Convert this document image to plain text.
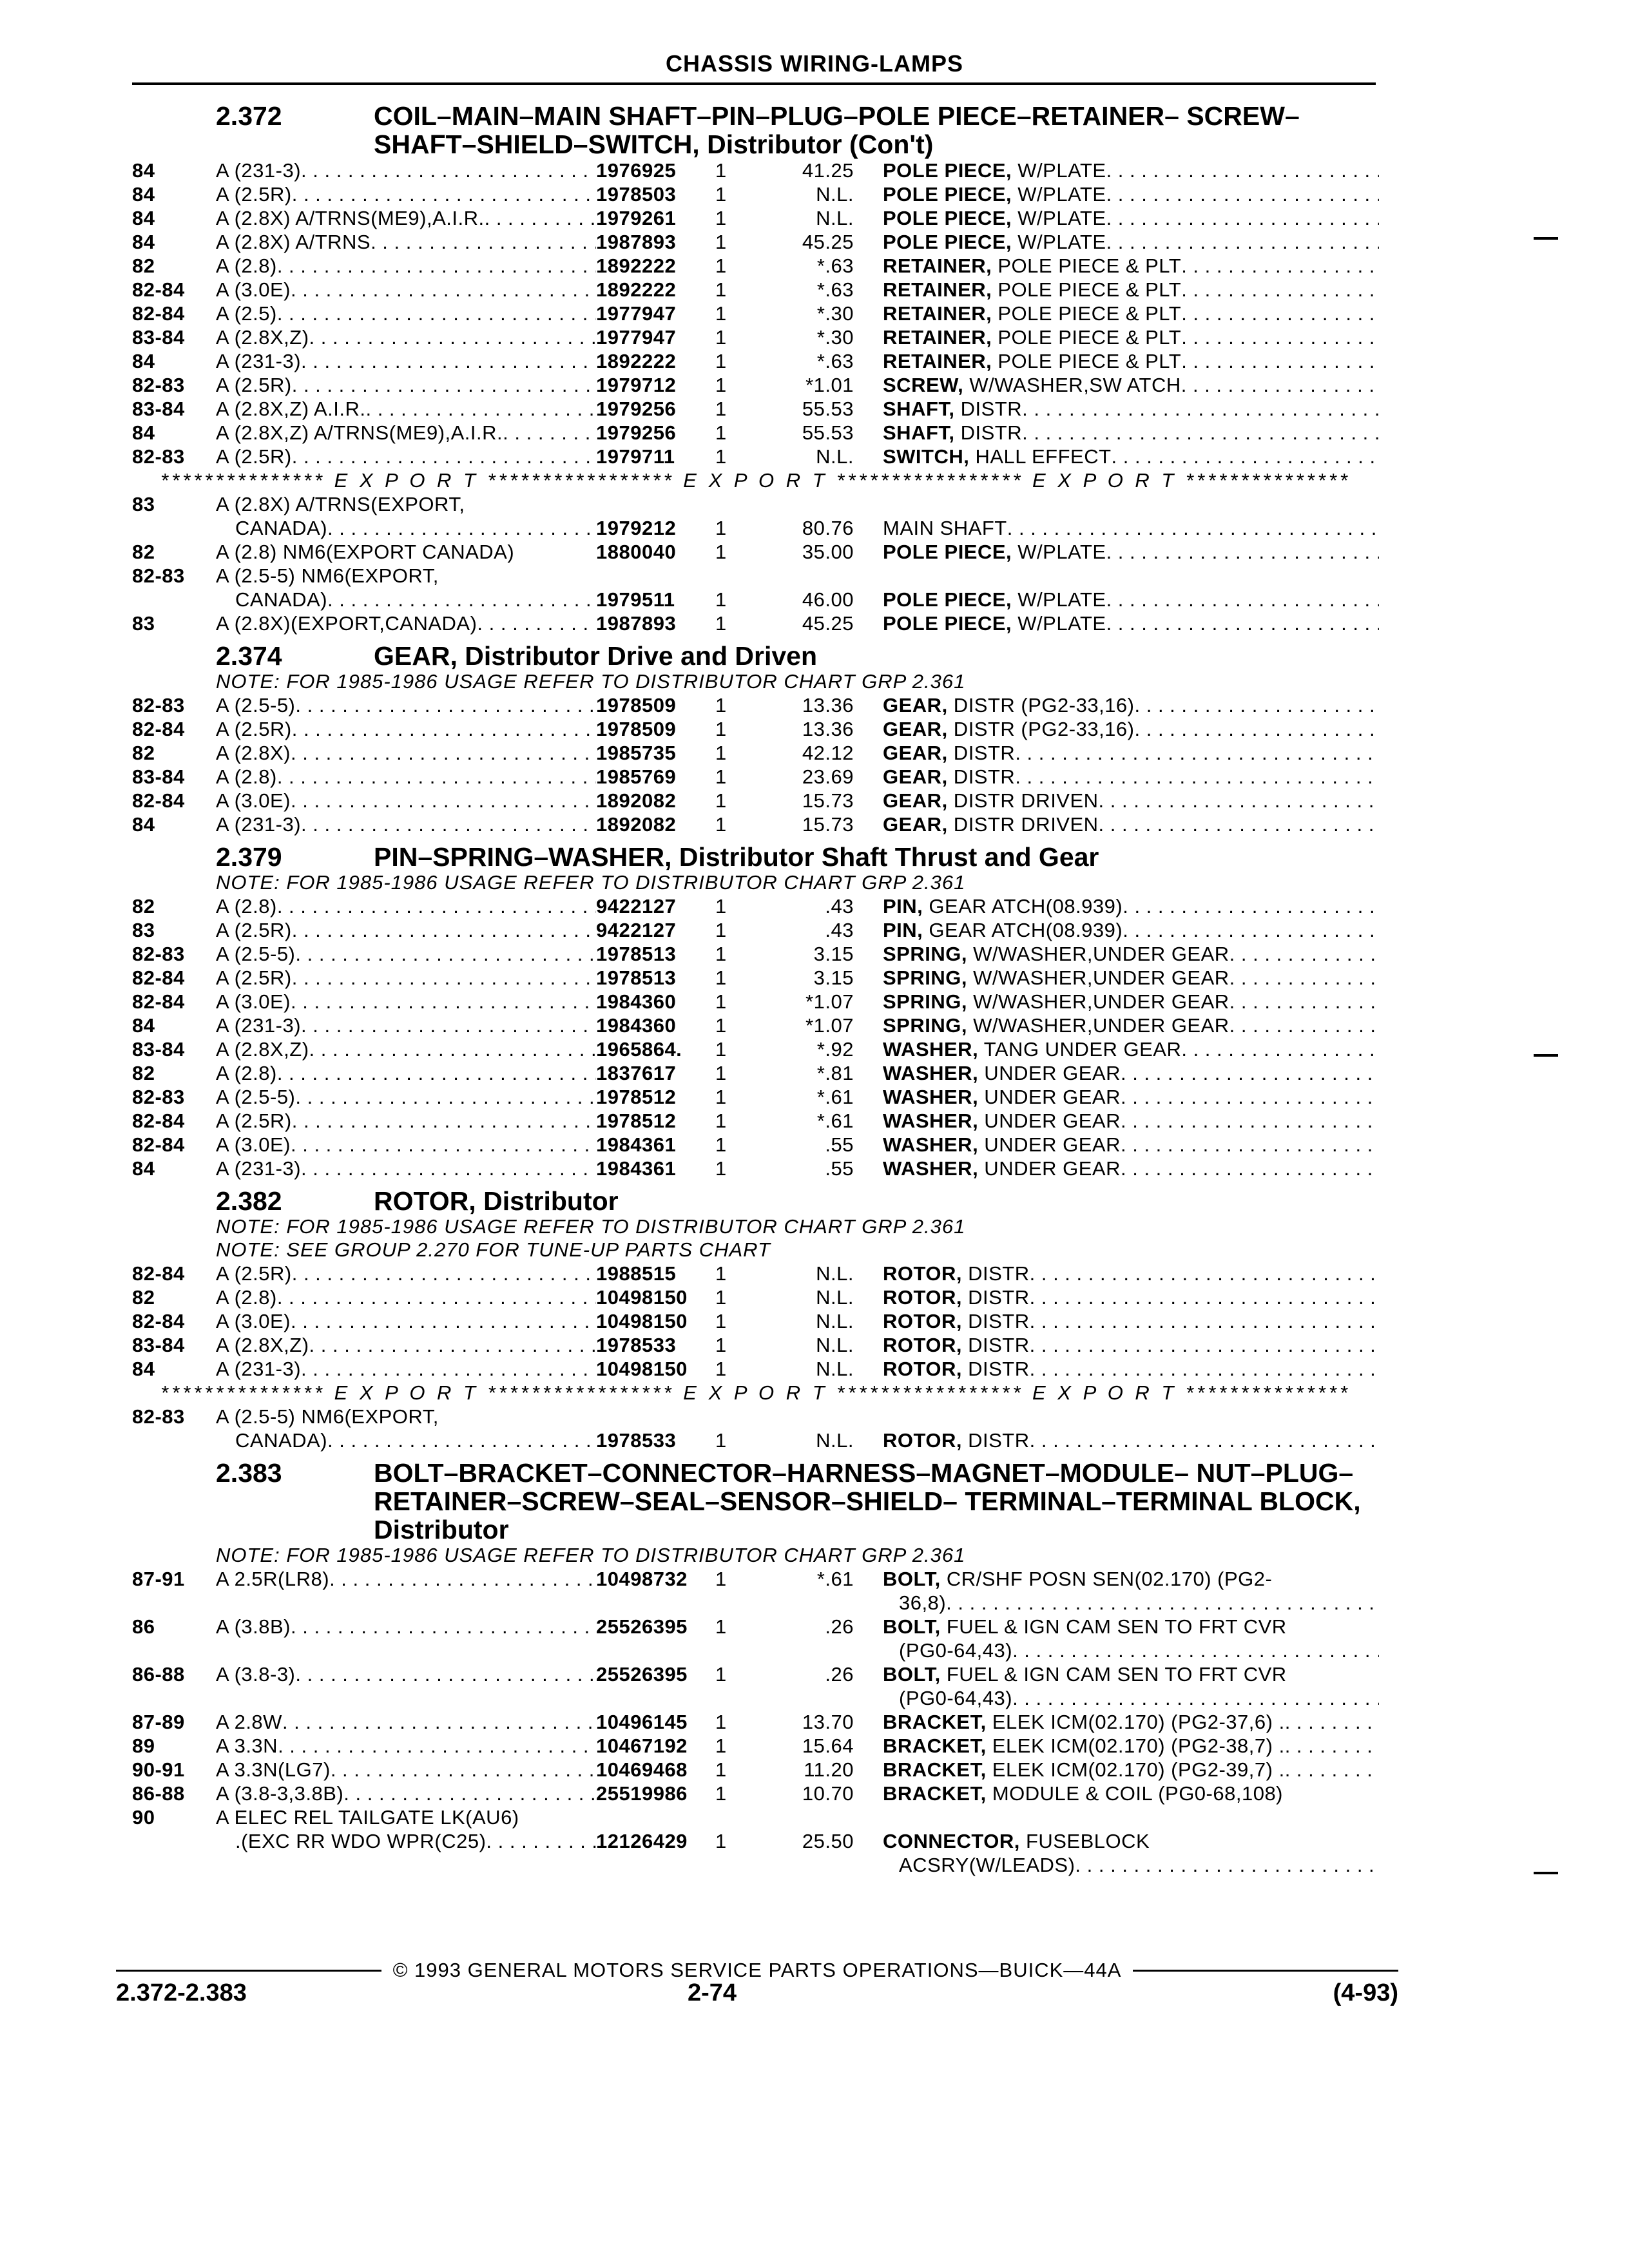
CHASSIS WIRING-LAMPS
2.372	COIL–MAIN–MAIN SHAFT–PIN–PLUG–POLE PIECE–RETAINER– SCREW–SHAFT–SHIELD–SWITCH, Distributor (Con't)
84	A (231-3) . . .	1976925	1	41.25 POLE PIECE, W/PLATE
. . .
84	A (2.5R) . . .	1978503	1	N.L. POLE PIECE, W/PLATE
. . .
84	A (2.8X) A/TRNS(ME9),A.I.R. . . .	1979261	1	N.L. POLE PIECE, W/PLATE
. . .
84	A (2.8X) A/TRNS . . .	1987893	1	45.25 POLE PIECE, W/PLATE
. . .
82	A (2.8) . . .	1892222	1	*.63 RETAINER, POLE PIECE & PLT
. . .
82-84	A (3.0E) . . .	1892222	1	*.63 RETAINER, POLE PIECE & PLT
. . .
82-84	A (2.5) . . .	1977947	1	*.30 RETAINER, POLE PIECE & PLT
. . .
83-84	A (2.8X,Z) . . .	1977947	1	*.30 RETAINER, POLE PIECE & PLT
. . .
84	A (231-3) . . .	1892222	1	*.63 RETAINER, POLE PIECE & PLT
. . .
82-83	A (2.5R) . . .	1979712	1	*1.01 SCREW, W/WASHER,SW ATCH
. . .
83-84	A (2.8X,Z) A.I.R. . . .	1979256	1	55.53 SHAFT, DISTR
. . .
84	A (2.8X,Z) A/TRNS(ME9),A.I.R. . . .	1979256	1	55.53 SHAFT, DISTR
. . .
82-83	A (2.5R) . . .	1979711	1	N.L. SWITCH, HALL EFFECT
. . .
*************** E X P O R T ***************** E X P O R T ***************** E X P O R T ***************
83	A (2.8X) A/TRNS(EXPORT,
CANADA) . . .	1979212	1	80.76 MAIN SHAFT
. . .
82	A (2.8) NM6(EXPORT CANADA)	1880040	1	35.00 POLE PIECE, W/PLATE
. . .
82-83	A (2.5-5) NM6(EXPORT,
CANADA) . . .	1979511	1	46.00 POLE PIECE, W/PLATE
. . .
83	A (2.8X)(EXPORT,CANADA) . . .	1987893	1	45.25 POLE PIECE, W/PLATE
. . .
2.374	GEAR, Distributor Drive and Driven
NOTE: FOR 1985-1986 USAGE REFER TO DISTRIBUTOR CHART GRP 2.361
82-83	A (2.5-5) . . .	1978509	1	13.36 GEAR, DISTR (PG2-33,16)
. . .
82-84	A (2.5R) . . .	1978509	1	13.36 GEAR, DISTR (PG2-33,16)
. . .
82	A (2.8X) . . .	1985735	1	42.12 GEAR, DISTR
. . .
83-84	A (2.8) . . .	1985769	1	23.69 GEAR, DISTR
. . .
82-84	A (3.0E) . . .	1892082	1	15.73 GEAR, DISTR DRIVEN
. . .
84	A (231-3) . . .	1892082	1	15.73 GEAR, DISTR DRIVEN
. . .
2.379	PIN–SPRING–WASHER, Distributor Shaft Thrust and Gear
NOTE: FOR 1985-1986 USAGE REFER TO DISTRIBUTOR CHART GRP 2.361
82	A (2.8) . . .	9422127	1	.43 PIN, GEAR ATCH(08.939)
. . .
83	A (2.5R) . . .	9422127	1	.43 PIN, GEAR ATCH(08.939)
. . .
82-83	A (2.5-5) . . .	1978513	1	3.15 SPRING, W/WASHER,UNDER GEAR
. . .
82-84	A (2.5R) . . .	1978513	1	3.15 SPRING, W/WASHER,UNDER GEAR
. . .
82-84	A (3.0E) . . .	1984360	1	*1.07 SPRING, W/WASHER,UNDER GEAR
. . .
84	A (231-3) . . .	1984360	1	*1.07 SPRING, W/WASHER,UNDER GEAR
. . .
83-84	A (2.8X,Z) . . .	1965864.	1	*.92 WASHER, TANG UNDER GEAR
. . .
82	A (2.8) . . .	1837617	1	*.81 WASHER, UNDER GEAR
. . .
82-83	A (2.5-5) . . .	1978512	1	*.61 WASHER, UNDER GEAR
. . .
82-84	A (2.5R) . . .	1978512	1	*.61 WASHER, UNDER GEAR
. . .
82-84	A (3.0E) . . .	1984361	1	.55 WASHER, UNDER GEAR
. . .
84	A (231-3) . . .	1984361	1	.55 WASHER, UNDER GEAR
. . .
2.382	ROTOR, Distributor
NOTE: FOR 1985-1986 USAGE REFER TO DISTRIBUTOR CHART GRP 2.361
NOTE: SEE GROUP 2.270 FOR TUNE-UP PARTS CHART
82-84	A (2.5R) . . .	1988515	1	N.L. ROTOR, DISTR
. . .
82	A (2.8) . . .	10498150	1	N.L. ROTOR, DISTR
. . .
82-84	A (3.0E) . . .	10498150	1	N.L. ROTOR, DISTR
. . .
83-84	A (2.8X,Z) . . .	1978533	1	N.L. ROTOR, DISTR
. . .
84	A (231-3) . . .	10498150	1	N.L. ROTOR, DISTR
. . .
*************** E X P O R T ***************** E X P O R T ***************** E X P O R T ***************
82-83	A (2.5-5) NM6(EXPORT,
CANADA) . . .	1978533	1	N.L. ROTOR, DISTR
. . .
2.383	BOLT–BRACKET–CONNECTOR–HARNESS–MAGNET–MODULE– NUT–PLUG–RETAINER–SCREW–SEAL–SENSOR–SHIELD– TERMINAL–TERMINAL BLOCK, Distributor
NOTE: FOR 1985-1986 USAGE REFER TO DISTRIBUTOR CHART GRP 2.361
87-91	A 2.5R(LR8) . . .	10498732	1	*.61 BOLT, CR/SHF POSN SEN(02.170) (PG2-
36,8)
. . .
86	A (3.8B) . . .	25526395	1	.26 BOLT, FUEL & IGN CAM SEN TO FRT CVR
(PG0-64,43)
. . .
86-88	A (3.8-3) . . .	25526395	1	.26 BOLT, FUEL & IGN CAM SEN TO FRT CVR
(PG0-64,43)
. . .
87-89	A 2.8W . . .	10496145	1	13.70 BRACKET, ELEK ICM(02.170) (PG2-37,6) .
. . .
89	A 3.3N . . .	10467192	1	15.64 BRACKET, ELEK ICM(02.170) (PG2-38,7) .
. . .
90-91	A 3.3N(LG7) . . .	10469468	1	11.20 BRACKET, ELEK ICM(02.170) (PG2-39,7) .
. . .
86-88	A (3.8-3,3.8B) . . .	25519986	1	10.70 BRACKET, MODULE & COIL (PG0-68,108)
90	A ELEC REL TAILGATE LK(AU6)
.(EXC RR WDO WPR(C25) . . .	12126429	1	25.50 CONNECTOR, FUSEBLOCK
ACSRY(W/LEADS)
. . .
© 1993 GENERAL MOTORS SERVICE PARTS OPERATIONS—BUICK—44A
2.372-2.383	2-74	(4-93)
